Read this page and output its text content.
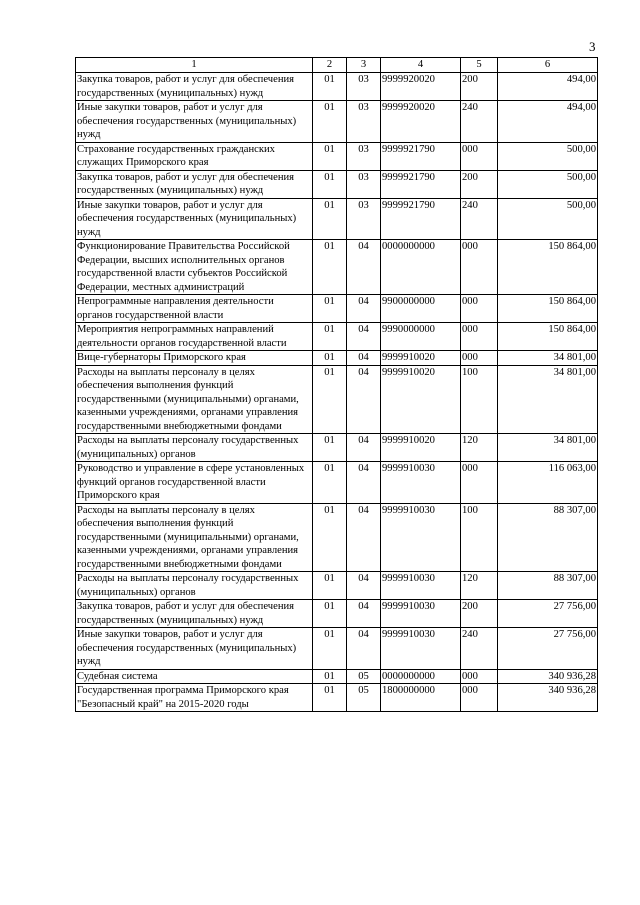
3
1	2	3	4	5	6
Закупка товаров, работ и услуг для обеспечения государственных (муниципальных) нужд	01	03	9999920020	200	494,00
Иные закупки товаров, работ и услуг для обеспечения государственных (муниципальных) нужд	01	03	9999920020	240	494,00
Страхование государственных гражданских служащих Приморского края	01	03	9999921790	000	500,00
Закупка товаров, работ и услуг для обеспечения государственных (муниципальных) нужд	01	03	9999921790	200	500,00
Иные закупки товаров, работ и услуг для обеспечения государственных (муниципальных) нужд	01	03	9999921790	240	500,00
Функционирование Правительства Российской Федерации, высших исполнительных органов государственной власти субъектов Российской Федерации, местных администраций	01	04	0000000000	000	150 864,00
Непрограммные направления деятельности органов государственной власти	01	04	9900000000	000	150 864,00
Мероприятия непрограммных направлений деятельности органов государственной власти	01	04	9990000000	000	150 864,00
Вице-губернаторы Приморского края	01	04	9999910020	000	34 801,00
Расходы на выплаты персоналу в целях обеспечения выполнения функций государственными (муниципальными) органами, казенными учреждениями, органами управления государственными внебюджетными фондами	01	04	9999910020	100	34 801,00
Расходы на выплаты персоналу государственных (муниципальных) органов	01	04	9999910020	120	34 801,00
Руководство и управление в сфере установленных функций органов государственной власти Приморского края	01	04	9999910030	000	116 063,00
Расходы на выплаты персоналу в целях обеспечения выполнения функций государственными (муниципальными) органами, казенными учреждениями, органами управления государственными внебюджетными фондами	01	04	9999910030	100	88 307,00
Расходы на выплаты персоналу государственных (муниципальных) органов	01	04	9999910030	120	88 307,00
Закупка товаров, работ и услуг для обеспечения государственных (муниципальных) нужд	01	04	9999910030	200	27 756,00
Иные закупки товаров, работ и услуг для обеспечения государственных (муниципальных) нужд	01	04	9999910030	240	27 756,00
Судебная система	01	05	0000000000	000	340 936,28
Государственная программа Приморского края "Безопасный край" на 2015-2020 годы	01	05	1800000000	000	340 936,28
